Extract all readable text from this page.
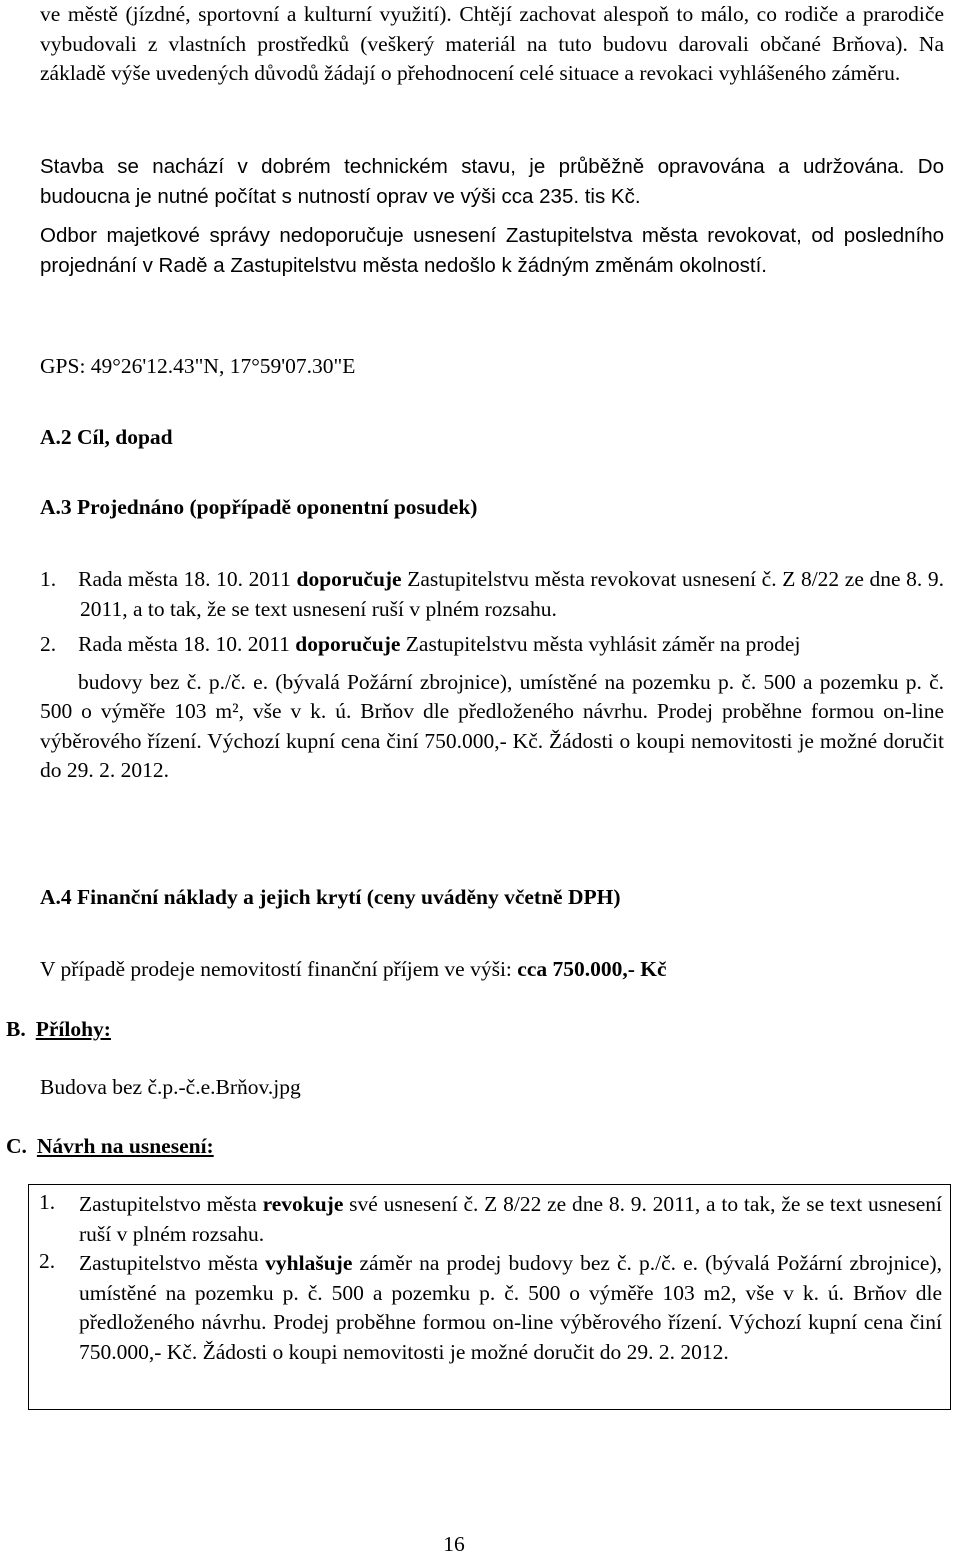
ve městě (jízdné, sportovní a kulturní využití). Chtějí zachovat alespoň to málo, co rodiče a prarodiče vybudovali z vlastních prostředků (veškerý materiál na tuto budovu darovali občané Brňova). Na základě výše uvedených důvodů žádají o přehodnocení celé situace a revokaci vyhlášeného záměru.

Stavba se nachází v dobrém technickém stavu, je průběžně opravována a udržována. Do budoucna je nutné počítat s nutností oprav ve výši cca 235. tis Kč.

Odbor majetkové správy nedoporučuje usnesení Zastupitelstva města revokovat, od posledního projednání v Radě a Zastupitelstvu města nedošlo k žádným změnám okolností.

GPS: 49°26'12.43"N, 17°59'07.30"E

A.2 Cíl, dopad

A.3 Projednáno (popřípadě oponentní posudek)

1. Rada města 18. 10. 2011 doporučuje Zastupitelstvu města revokovat usnesení č. Z 8/22 ze dne 8. 9. 2011, a to tak, že se text usnesení ruší v plném rozsahu.

2. Rada města 18. 10. 2011 doporučuje Zastupitelstvu města vyhlásit záměr na prodej

budovy bez č. p./č. e. (bývalá Požární zbrojnice), umístěné na pozemku p. č. 500 a pozemku p. č. 500 o výměře 103 m², vše v k. ú. Brňov dle předloženého návrhu. Prodej proběhne formou on-line výběrového řízení. Výchozí kupní cena činí 750.000,- Kč. Žádosti o koupi nemovitosti je možné doručit do 29. 2. 2012.

A.4 Finanční náklady a jejich krytí (ceny uváděny včetně DPH)

V případě prodeje nemovitostí finanční příjem ve výši: cca 750.000,- Kč

B. Přílohy:

Budova bez č.p.-č.e.Brňov.jpg

C. Návrh na usnesení:

1. Zastupitelstvo města revokuje své usnesení č. Z 8/22 ze dne 8. 9. 2011, a to tak, že se text usnesení ruší v plném rozsahu.

2. Zastupitelstvo města vyhlašuje záměr na prodej budovy bez č. p./č. e. (bývalá Požární zbrojnice), umístěné na pozemku p. č. 500 a pozemku p. č. 500 o výměře 103 m2, vše v k. ú. Brňov dle předloženého návrhu. Prodej proběhne formou on-line výběrového řízení. Výchozí kupní cena činí 750.000,- Kč. Žádosti o koupi nemovitosti je možné doručit do 29. 2. 2012.

16
